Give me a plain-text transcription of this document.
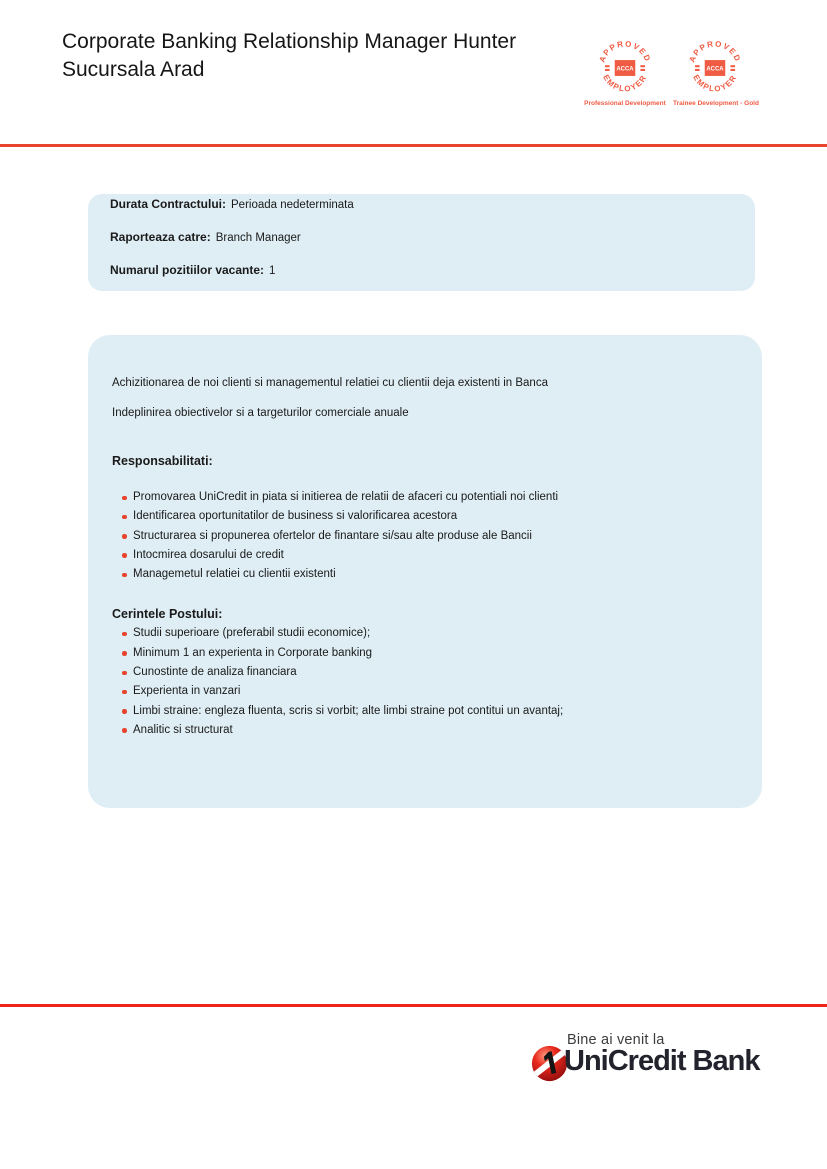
Corporate Banking Relationship Manager Hunter Sucursala Arad	APPROVED
EMPLOYER
ACCA
Professional Development
APPROVED
EMPLOYER
ACCA
Trainee Development - Gold

Durata Contractului: Perioada nedeterminata

Raporteaza catre: Branch Manager

Numarul pozitiilor vacante: 1

Achizitionarea de noi clienti si managementul relatiei cu clientii deja existenti in Banca

Indeplinirea obiectivelor si a targeturilor comerciale anuale

Responsabilitati:

Promovarea UniCredit in piata si initierea de relatii de afaceri cu potentiali noi clienti
Identificarea oportunitatilor de business si valorificarea acestora
Structurarea si propunerea ofertelor de finantare si/sau alte produse ale Bancii
Intocmirea dosarului de credit
Managemetul relatiei cu clientii existenti

Cerintele Postului:

Studii superioare (preferabil studii economice);
Minimum 1 an experienta in Corporate banking
Cunostinte de analiza financiara
Experienta in vanzari
Limbi straine: engleza fluenta, scris si vorbit; alte limbi straine pot contitui un avantaj;
Analitic si structurat
Bine ai venit la
UniCredit Bank
